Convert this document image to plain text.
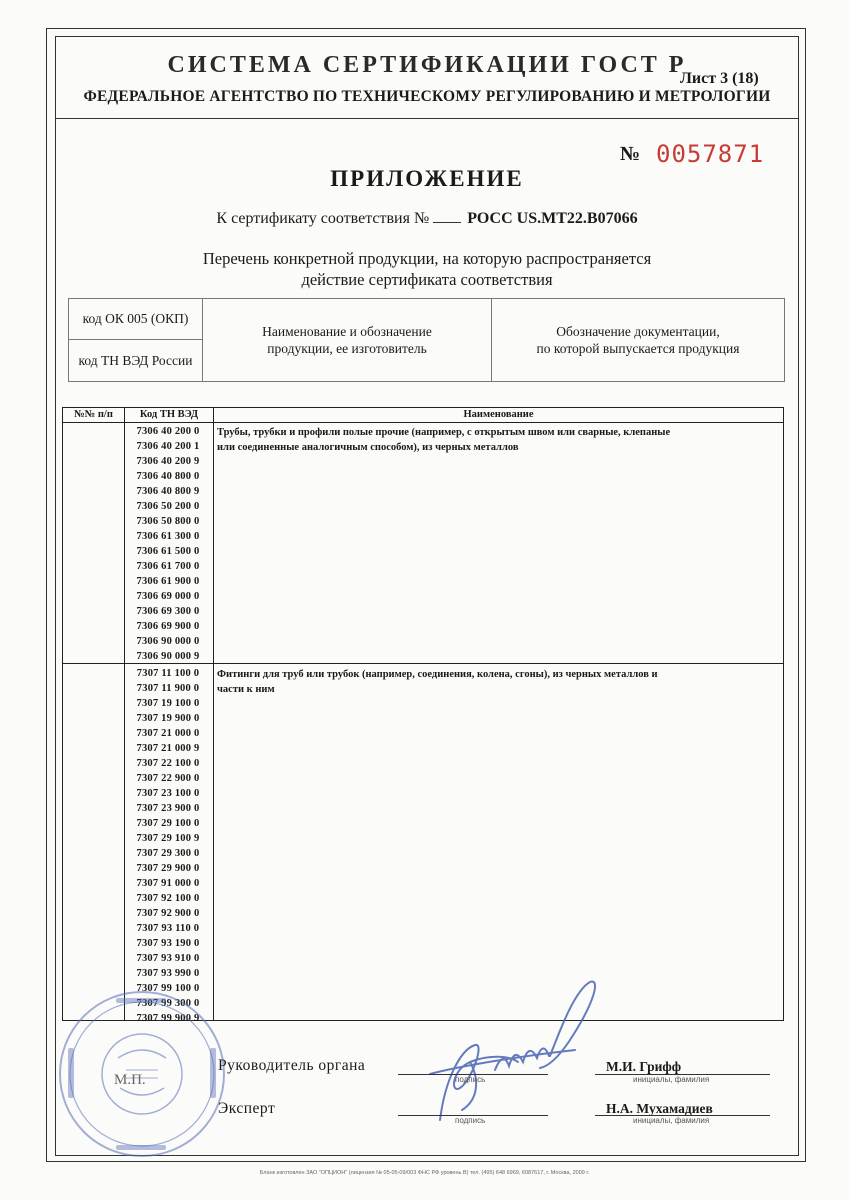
СИСТЕМА СЕРТИФИКАЦИИ ГОСТ Р
Лист 3 (18)
ФЕДЕРАЛЬНОЕ АГЕНТСТВО ПО ТЕХНИЧЕСКОМУ РЕГУЛИРОВАНИЮ И МЕТРОЛОГИИ
№ 0057871
ПРИЛОЖЕНИЕ
К сертификату соответствия № РОСС US.МТ22.В07066
Перечень конкретной продукции, на которую распространяется
действие сертификата соответствия
код ОК 005 (ОКП)
код ТН ВЭД России
Наименование и обозначение
продукции, ее изготовитель
Обозначение документации,
по которой выпускается продукция
№№ п/п	Код ТН ВЭД	Наименование
7306 40 200 0
7306 40 200 1
7306 40 200 9
7306 40 800 0
7306 40 800 9
7306 50 200 0
7306 50 800 0
7306 61 300 0
7306 61 500 0
7306 61 700 0
7306 61 900 0
7306 69 000 0
7306 69 300 0
7306 69 900 0
7306 90 000 0
7306 90 000 9
Трубы, трубки и профили полые прочие (например, с открытым швом или сварные, клепаные
или соединенные аналогичным способом), из черных металлов
7307 11 100 0
7307 11 900 0
7307 19 100 0
7307 19 900 0
7307 21 000 0
7307 21 000 9
7307 22 100 0
7307 22 900 0
7307 23 100 0
7307 23 900 0
7307 29 100 0
7307 29 100 9
7307 29 300 0
7307 29 900 0
7307 91 000 0
7307 92 100 0
7307 92 900 0
7307 93 110 0
7307 93 190 0
7307 93 910 0
7307 93 990 0
7307 99 100 0
7307 99 300 0
7307 99 900 9
Фитинги для труб или трубок (например, соединения, колена, сгоны), из черных металлов и
части к ним
М.П.
Руководитель органа
подпись
М.И. Грифф
инициалы, фамилия
Эксперт
подпись
Н.А. Мухамадиев
инициалы, фамилия
Бланк изготовлен ЗАО "ОПЦИОН" (лицензия № 05-05-09/003 ФНС РФ уровень В) тел. (495) 648 6969, 6087617, г. Москва, 2009 г.
